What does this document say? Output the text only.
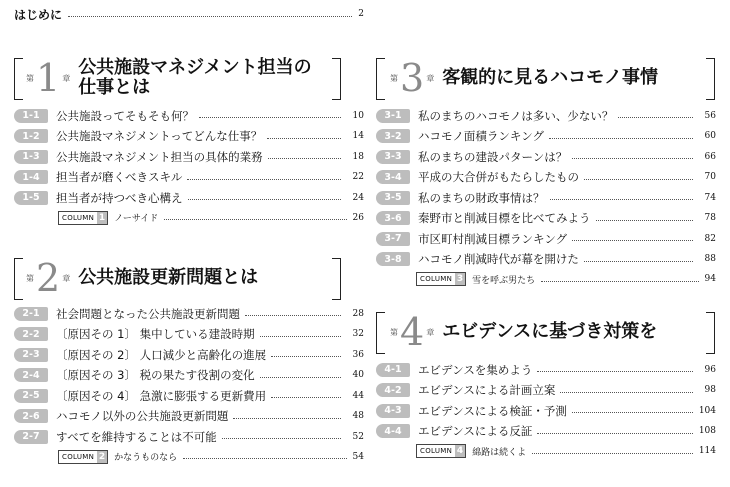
はじめに	2
第 1 章 公共施設マネジメント担当の
仕事とは
1-1	公共施設ってそもそも何？	10
1-2	公共施設マネジメントってどんな仕事？	14
1-3	公共施設マネジメント担当の具体的業務	18
1-4	担当者が磨くべきスキル	22
1-5	担当者が持つべき心構え	24
COLUMN 1 ノーサイド	26
第 2 章 公共施設更新問題とは
2-1	社会問題となった公共施設更新問題	28
2-2	〔原因その 1〕 集中している建設時期	32
2-3	〔原因その 2〕 人口減少と高齢化の進展	36
2-4	〔原因その 3〕 税の果たす役割の変化	40
2-5	〔原因その 4〕 急激に膨張する更新費用	44
2-6	ハコモノ以外の公共施設更新問題	48
2-7	すべてを維持することは不可能	52
COLUMN 2 かなうものなら	54
第 3 章 客観的に見るハコモノ事情
3-1	私のまちのハコモノは多い、少ない？	56
3-2	ハコモノ面積ランキング	60
3-3	私のまちの建設パターンは？	66
3-4	平成の大合併がもたらしたもの	70
3-5	私のまちの財政事情は？	74
3-6	秦野市と削減目標を比べてみよう	78
3-7	市区町村削減目標ランキング	82
3-8	ハコモノ削減時代が幕を開けた	88
COLUMN 3 雪を呼ぶ男たち	94
第 4 章 エビデンスに基づき対策を
4-1	エビデンスを集めよう	96
4-2	エビデンスによる計画立案	98
4-3	エビデンスによる検証・予測	104
4-4	エビデンスによる反証	108
COLUMN 4 綿路は続くよ	114
